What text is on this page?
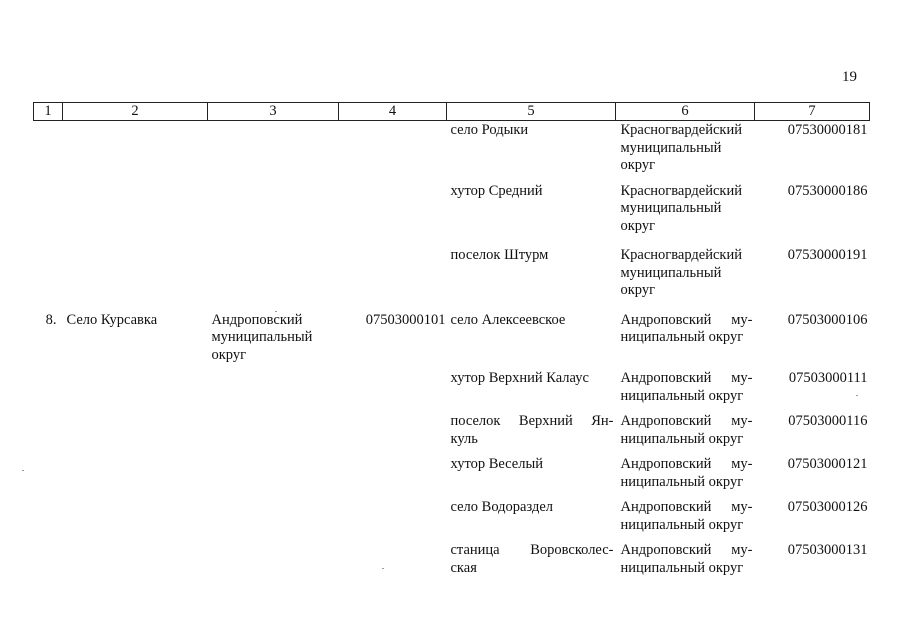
19
1	2	3	4	5	6	7

				село Родыки	Красногвардейский
муниципальный
округ	07530000181

				хутор Средний	Красногвардейский
муниципальный
округ	07530000186

				поселок Штурм	Красногвардейский
муниципальный
округ	07530000191
8.	Село Курсавка	Андроповский
муниципальный
округ	07503000101	село Алексеевское	Андроповский му-
ниципальный округ	07503000106

				хутор Верхний Калаус	Андроповский му-
ниципальный округ	07503000111

				поселок Верхний Ян-
куль	Андроповский му-
ниципальный округ	07503000116

				хутор Веселый	Андроповский му-
ниципальный округ	07503000121

				село Водораздел	Андроповский му-
ниципальный округ	07503000126

				станица Воровсколес-
ская	Андроповский му-
ниципальный округ	07503000131
